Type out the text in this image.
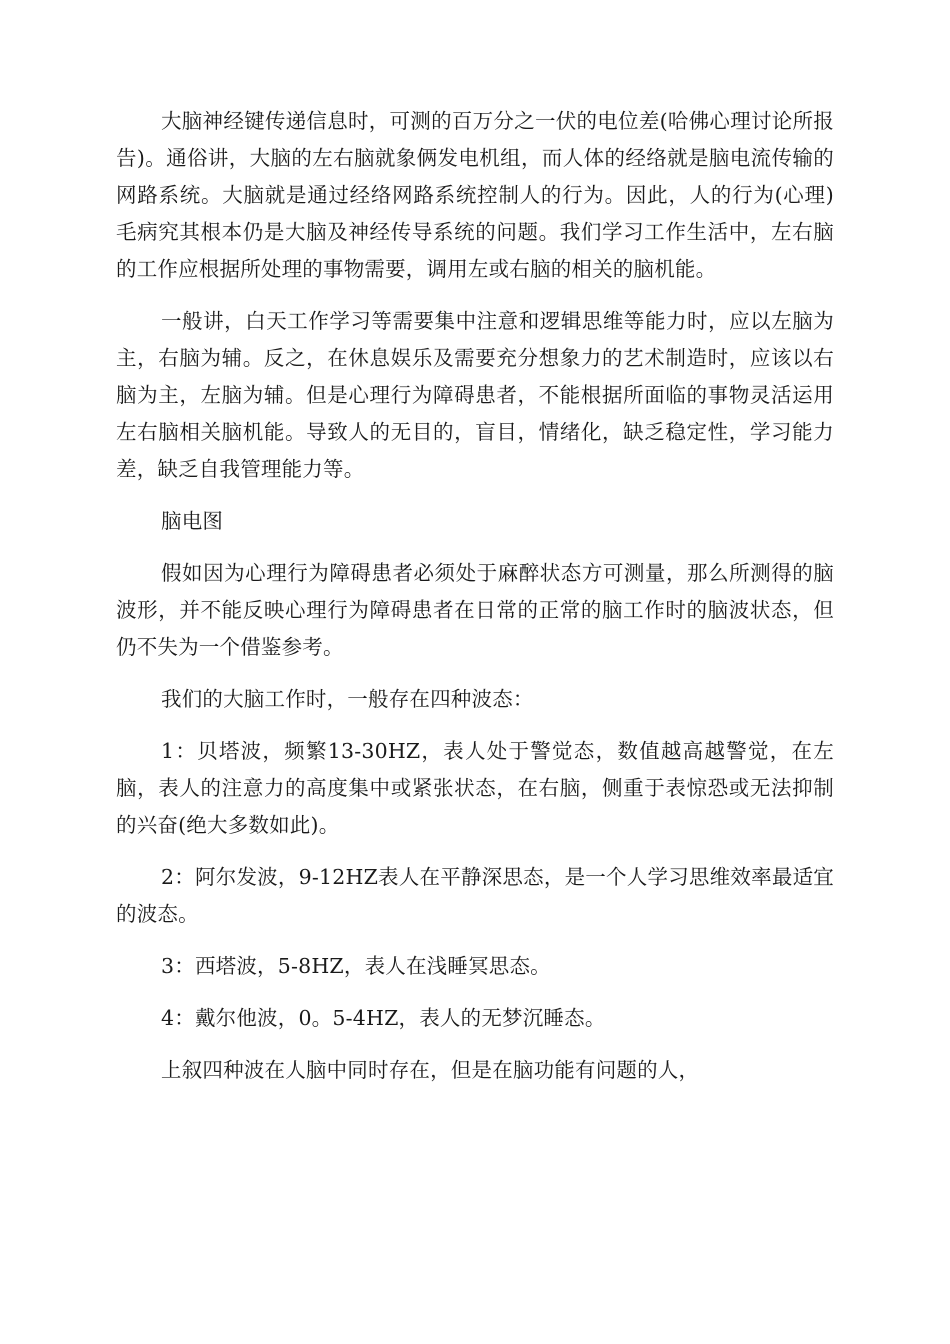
大脑神经键传递信息时，可测的百万分之一伏的电位差(哈佛心理讨论所报告)。通俗讲，大脑的左右脑就象俩发电机组，而人体的经络就是脑电流传输的网路系统。大脑就是通过经络网路系统控制人的行为。因此，人的行为(心理)毛病究其根本仍是大脑及神经传导系统的问题。我们学习工作生活中，左右脑的工作应根据所处理的事物需要，调用左或右脑的相关的脑机能。

一般讲，白天工作学习等需要集中注意和逻辑思维等能力时，应以左脑为主，右脑为辅。反之，在休息娱乐及需要充分想象力的艺术制造时，应该以右脑为主，左脑为辅。但是心理行为障碍患者，不能根据所面临的事物灵活运用左右脑相关脑机能。导致人的无目的，盲目，情绪化，缺乏稳定性，学习能力差，缺乏自我管理能力等。

脑电图

假如因为心理行为障碍患者必须处于麻醉状态方可测量，那么所测得的脑波形，并不能反映心理行为障碍患者在日常的正常的脑工作时的脑波状态，但仍不失为一个借鉴参考。

我们的大脑工作时，一般存在四种波态：

1：贝塔波，频繁13-30HZ，表人处于警觉态，数值越高越警觉，在左脑，表人的注意力的高度集中或紧张状态，在右脑，侧重于表惊恐或无法抑制的兴奋(绝大多数如此)。

2：阿尔发波，9-12HZ表人在平静深思态，是一个人学习思维效率最适宜的波态。

3：西塔波，5-8HZ，表人在浅睡冥思态。

4：戴尔他波，0。5-4HZ，表人的无梦沉睡态。

上叙四种波在人脑中同时存在，但是在脑功能有问题的人，
